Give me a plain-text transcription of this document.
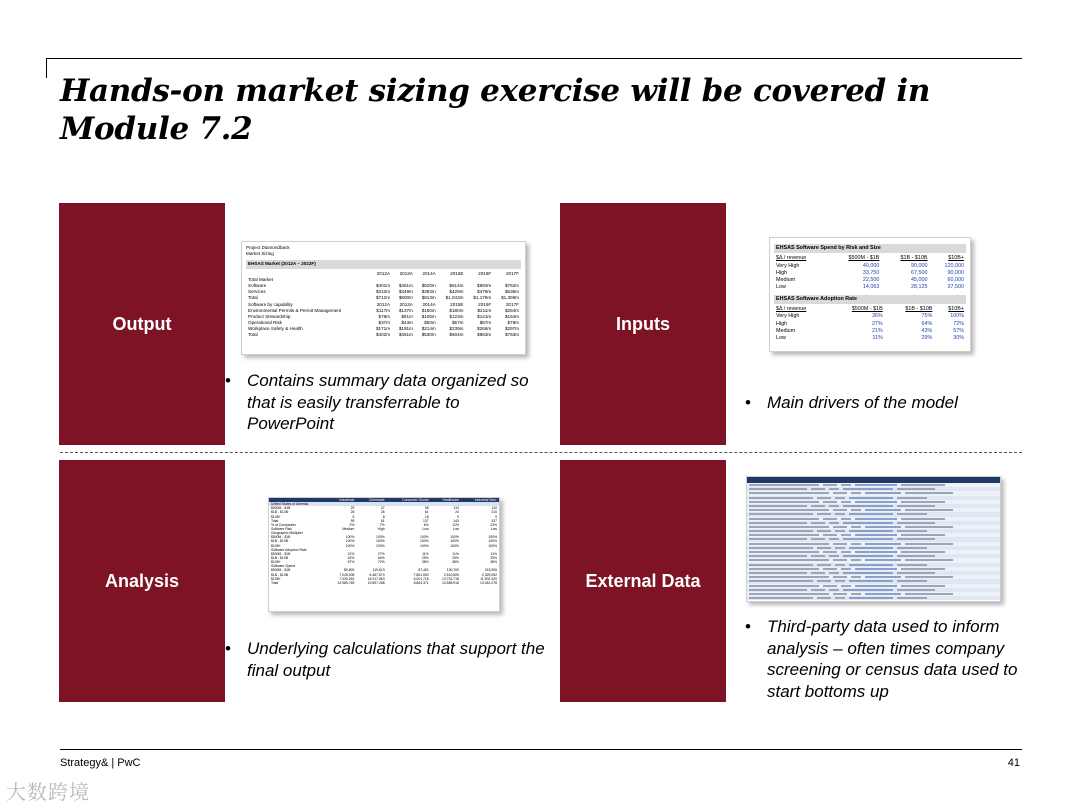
Hands-on market sizing exercise will be covered in Module 7.2
Output
Project Diamondback
Market Sizing
EHSAS Market (2012A – 2022F)
	2012A	2013A	2014A	2015E	2016F	2017F
Total Market						
Software	$401m	$451m	$520m	$614m	$683m	$762m
Services	$310m	$349m	$393m	$429m	$478m	$535m
Total	$712m	$800m	$913m	$1,043m	$1,179m	$1,308m

Software by capability	2012A	2013A	2014A	2015E	2016F	2017F
Environmental Permits & Permit Management	$117m	$137m	$160m	$180m	$211m	$254m
Product Stewardship	$78m	$91m	$105m	$123m	$141m	$164m
Operational Risk	$37m	$43m	$50m	$57m	$67m	$78m
Workplace Safety & Health	$171m	$191m	$214m	$239m	$266m	$297m
Total	$402m	$461m	$530m	$604m	$683m	$763m

• Contains summary data organized so that is easily transferrable to PowerPoint

Inputs
EHSAS Software Spend by Risk and Size
$Δ / revenue	$500M - $1B	$1B - $10B	$10B+
Very High	40,000	90,000	120,000
High	33,750	67,500	90,000
Medium	22,500	45,000	60,000
Low	14,063	28,125	37,500
EHSAS Software Adoption Rate
$Δ / revenue	$500M - $1B	$1B - $10B	$10B+
Very High	36%	75%	100%
High	27%	64%	72%
Medium	21%	43%	57%
Low	11%	29%	30%

• Main drivers of the model

Analysis
	Industrials	Chemicals	Consumer Goods	Healthcare	Industrial Serv.
United States of America					
$500M - $1B	29	27	58	110	110
$1B - $10B	25	26	61	24	210
$10B+	5	8	18	9	9
Total	59	61	137	143	437
% of Companies	2%	7%	6%	11%	23%

Software Risk	Medium	High	Low	Low	Low

Geographic Multiplier					
$500M - $1B	100%	100%	100%	100%	100%
$1B - $10B	100%	100%	100%	100%	100%
$10B+	100%	100%	100%	100%	100%

Software Adoption Rate					
$500M - $1B	21%	27%	11%	11%	11%
$1B - $10B	43%	64%	29%	29%	29%
$10B+	57%	72%	38%	38%	38%

Software Spend					
$500M - $1B	$9,800	119,619	87,461	130,700	243,905
$1B - $10B	7,045,008	6,467,874	7,861,500	2,510,605	2,329,052
$10B+	7,030,262	15,917,663	6,001,718	13,751,718	11,902,320
Total	14,985,769	19,897,288	8,863,371	10,858,918	13,451,078

• Underlying calculations that support the final output

External Data

• Third-party data used to inform analysis – often times company screening or census data used to start bottoms up

Strategy& | PwC	41
大数跨境
